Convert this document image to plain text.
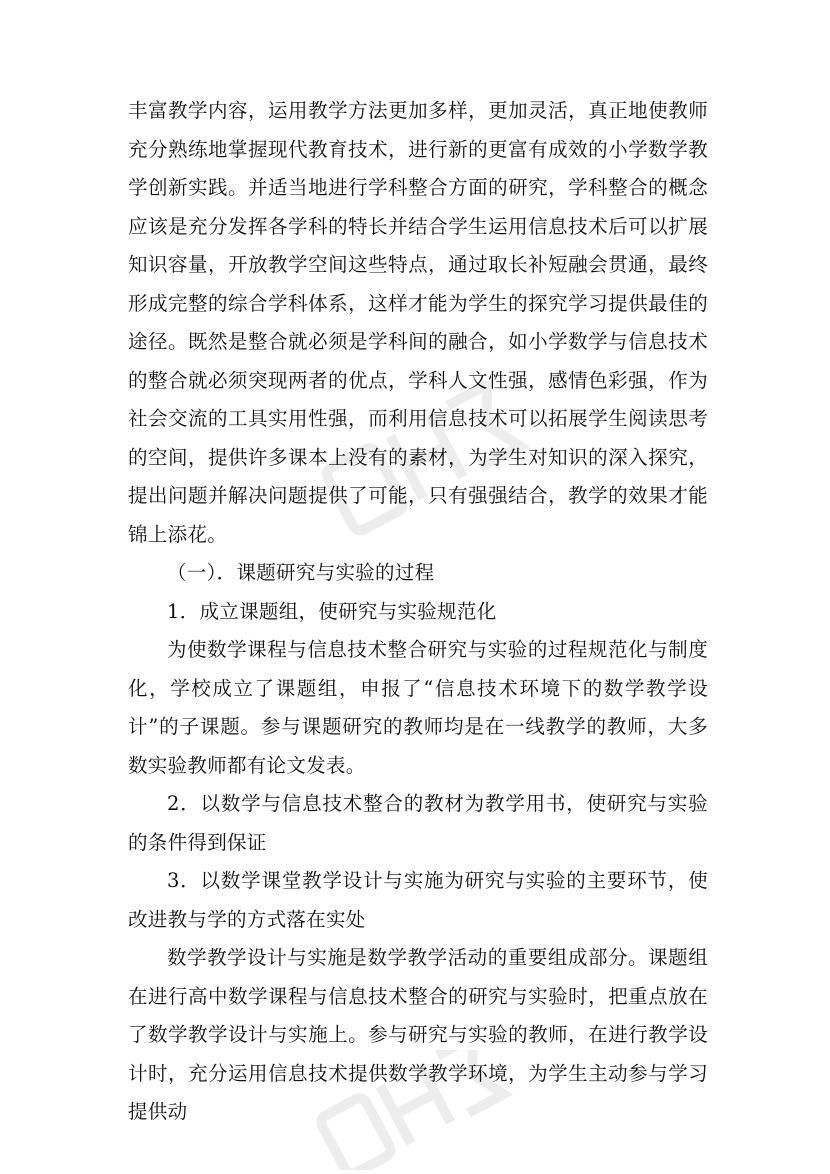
丰富教学内容，运用教学方法更加多样，更加灵活，真正地使教师充分熟练地掌握现代教育技术，进行新的更富有成效的小学数学教学创新实践。并适当地进行学科整合方面的研究，学科整合的概念应该是充分发挥各学科的特长并结合学生运用信息技术后可以扩展知识容量，开放教学空间这些特点，通过取长补短融会贯通，最终形成完整的综合学科体系，这样才能为学生的探究学习提供最佳的途径。既然是整合就必须是学科间的融合，如小学数学与信息技术的整合就必须突现两者的优点，学科人文性强，感情色彩强，作为社会交流的工具实用性强，而利用信息技术可以拓展学生阅读思考的空间，提供许多课本上没有的素材，为学生对知识的深入探究，提出问题并解决问题提供了可能，只有强强结合，教学的效果才能锦上添花。

（一）．课题研究与实验的过程

1．成立课题组，使研究与实验规范化

为使数学课程与信息技术整合研究与实验的过程规范化与制度化，学校成立了课题组，申报了“信息技术环境下的数学教学设计”的子课题。参与课题研究的教师均是在一线教学的教师，大多数实验教师都有论文发表。

2．以数学与信息技术整合的教材为教学用书，使研究与实验的条件得到保证

3．以数学课堂教学设计与实施为研究与实验的主要环节，使改进教与学的方式落在实处

数学教学设计与实施是数学教学活动的重要组成部分。课题组在进行高中数学课程与信息技术整合的研究与实验时，把重点放在了数学教学设计与实施上。参与研究与实验的教师，在进行教学设计时，充分运用信息技术提供数学教学环境，为学生主动参与学习提供动
